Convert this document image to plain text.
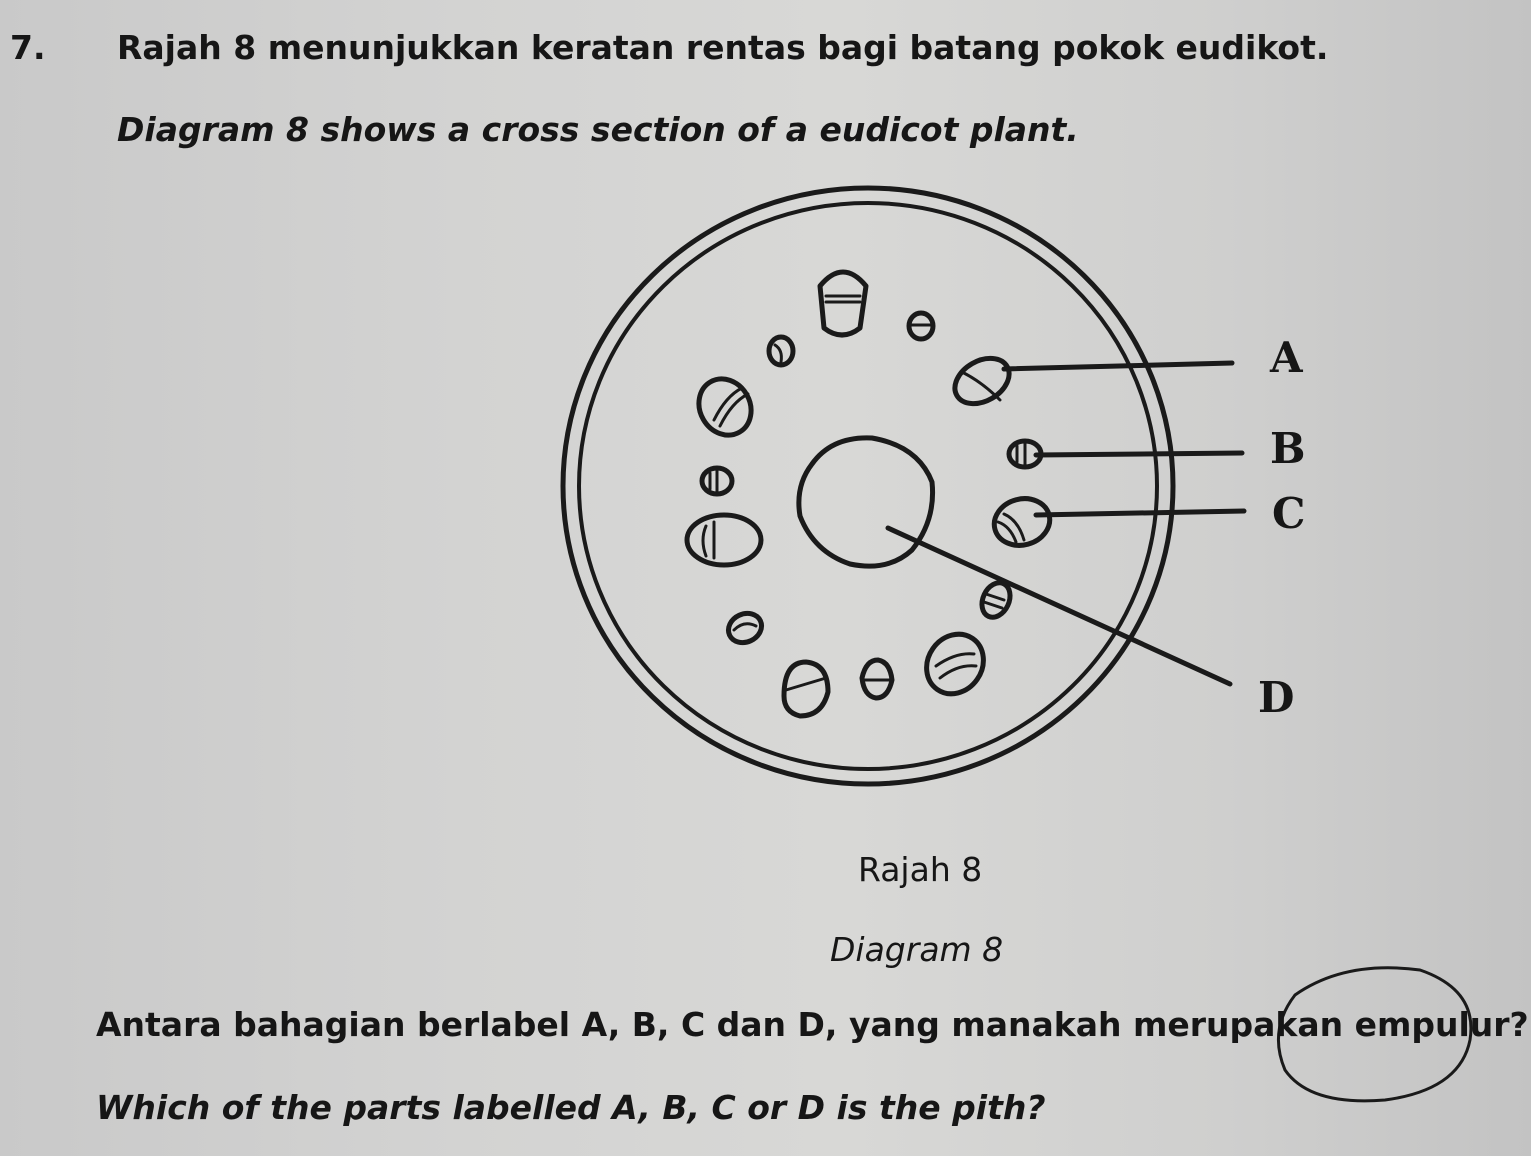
7. Rajah 8 menunjukkan keratan rentas bagi batang pokok eudikot.
Diagram 8 shows a cross section of a eudicot plant.
A
B
C
D
Rajah 8
Diagram 8
Antara bahagian berlabel A, B, C dan D, yang manakah merupakan empulur?
Which of the parts labelled A, B, C or D is the pith?
